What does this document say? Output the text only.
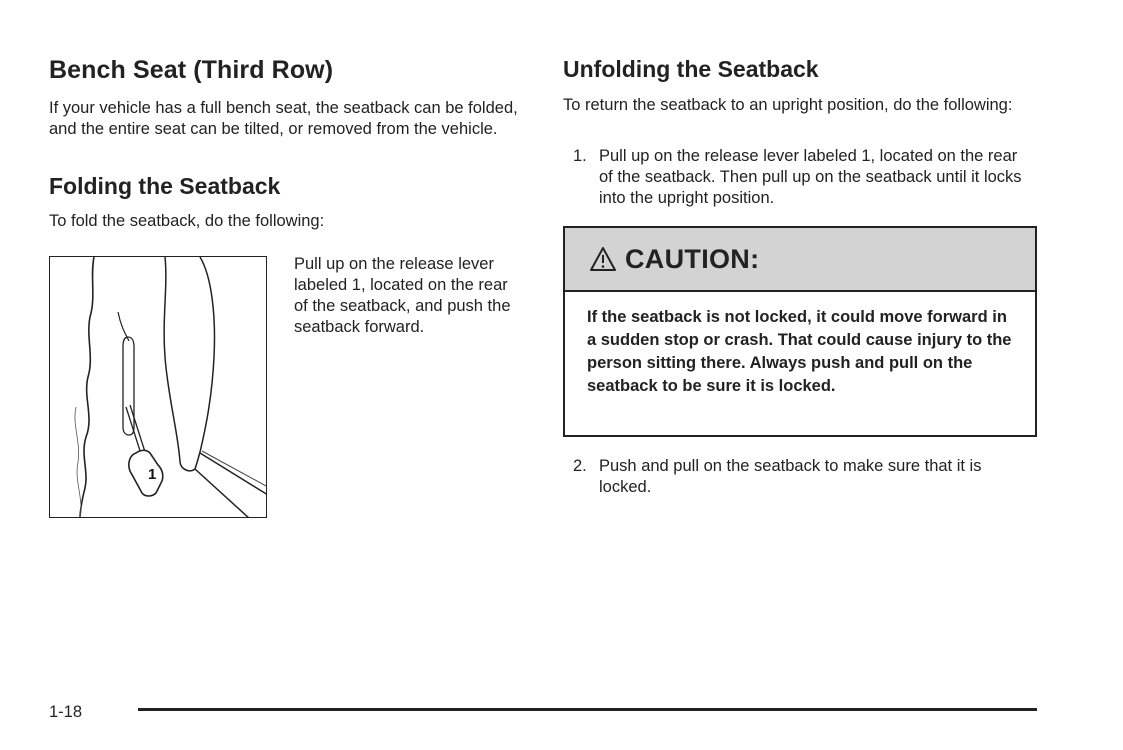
Bench Seat (Third Row)

If your vehicle has a full bench seat, the seatback can be folded, and the entire seat can be tilted, or removed from the vehicle.

Folding the Seatback

To fold the seatback, do the following:

1

Pull up on the release lever labeled 1, located on the rear of the seatback, and push the seatback forward.

Unfolding the Seatback

To return the seatback to an upright position, do the following:

1. Pull up on the release lever labeled 1, located on the rear of the seatback. Then pull up on the seatback until it locks into the upright position.
2. Push and pull on the seatback to make sure that it is locked.
CAUTION:
If the seatback is not locked, it could move forward in a sudden stop or crash. That could cause injury to the person sitting there. Always push and pull on the seatback to be sure it is locked.
1-18
